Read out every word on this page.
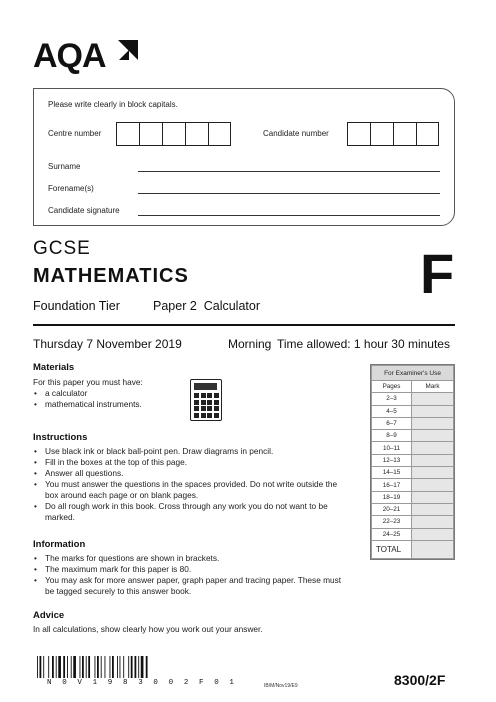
AQA
Please write clearly in block capitals.
Centre number	Candidate number
Surname
Forename(s)
Candidate signature
GCSE
MATHEMATICS
Foundation Tier	Paper 2  Calculator
F
Thursday 7 November 2019	Morning Time allowed: 1 hour 30 minutes
Materials
For this paper you must have:
• a calculator
• mathematical instruments.
Instructions
• Use black ink or black ball-point pen. Draw diagrams in pencil.
• Fill in the boxes at the top of this page.
• Answer all questions.
• You must answer the questions in the spaces provided. Do not write outside the box around each page or on blank pages.
• Do all rough work in this book. Cross through any work you do not want to be marked.
Information
• The marks for questions are shown in brackets.
• The maximum mark for this paper is 80.
• You may ask for more answer paper, graph paper and tracing paper. These must be tagged securely to this answer book.
Advice
In all calculations, show clearly how you work out your answer.
For Examiner's Use	
Pages	Mark
2–3	
4–5	
6–7	
8–9	
10–11	
12–13	
14–15	
16–17	
18–19	
20–21	
22–23	
24–25	
TOTAL	
N 0 V 1 9 8 3 0 0 2 F 0 1	IB/M/Nov19/E9	8300/2F
